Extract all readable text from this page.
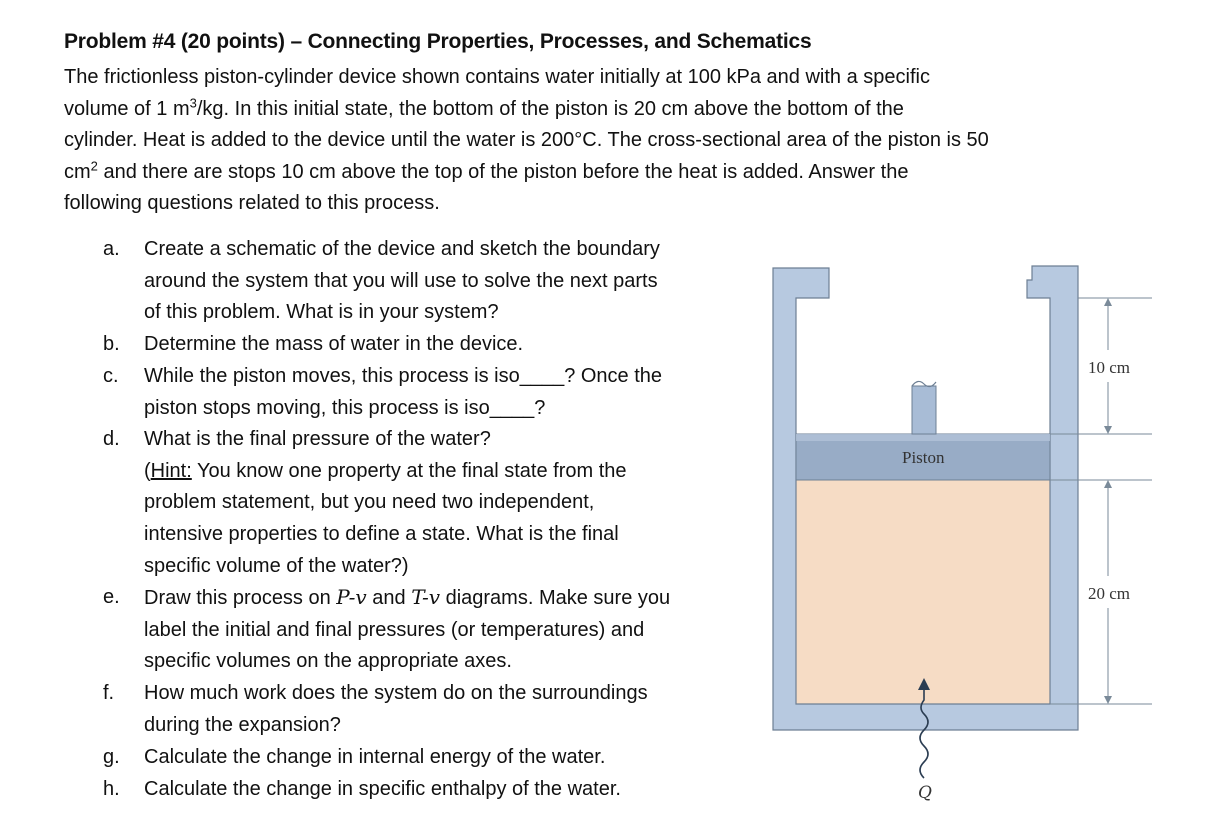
Problem #4 (20 points) – Connecting Properties, Processes, and Schematics
The frictionless piston-cylinder device shown contains water initially at 100 kPa and with a specific
volume of 1 $m^3/kg$. In this initial state, the bottom of the piston is 20 cm above the bottom of the
cylinder. Heat is added to the device until the water is 200°C. The cross-sectional area of the piston is 50
$cm^2$ and there are stops 10 cm above the top of the piston before the heat is added. Answer the
following questions related to this process.
a. Create a schematic of the device and sketch the boundary
around the system that you will use to solve the next parts
of this problem. What is in your system?
b. Determine the mass of water in the device.
c. While the piston moves, this process is iso____? Once the
piston stops moving, this process is iso____?
d. What is the final pressure of the water?
(Hint: You know one property at the final state from the
problem statement, but you need two independent,
intensive properties to define a state. What is the final
specific volume of the water?)
e. Draw this process on P-v and T-v diagrams. Make sure you
label the initial and final pressures (or temperatures) and
specific volumes on the appropriate axes.
f. How much work does the system do on the surroundings
during the expansion?
g. Calculate the change in internal energy of the water.
h. Calculate the change in specific enthalpy of the water.
Piston
10 cm
20 cm
Q
